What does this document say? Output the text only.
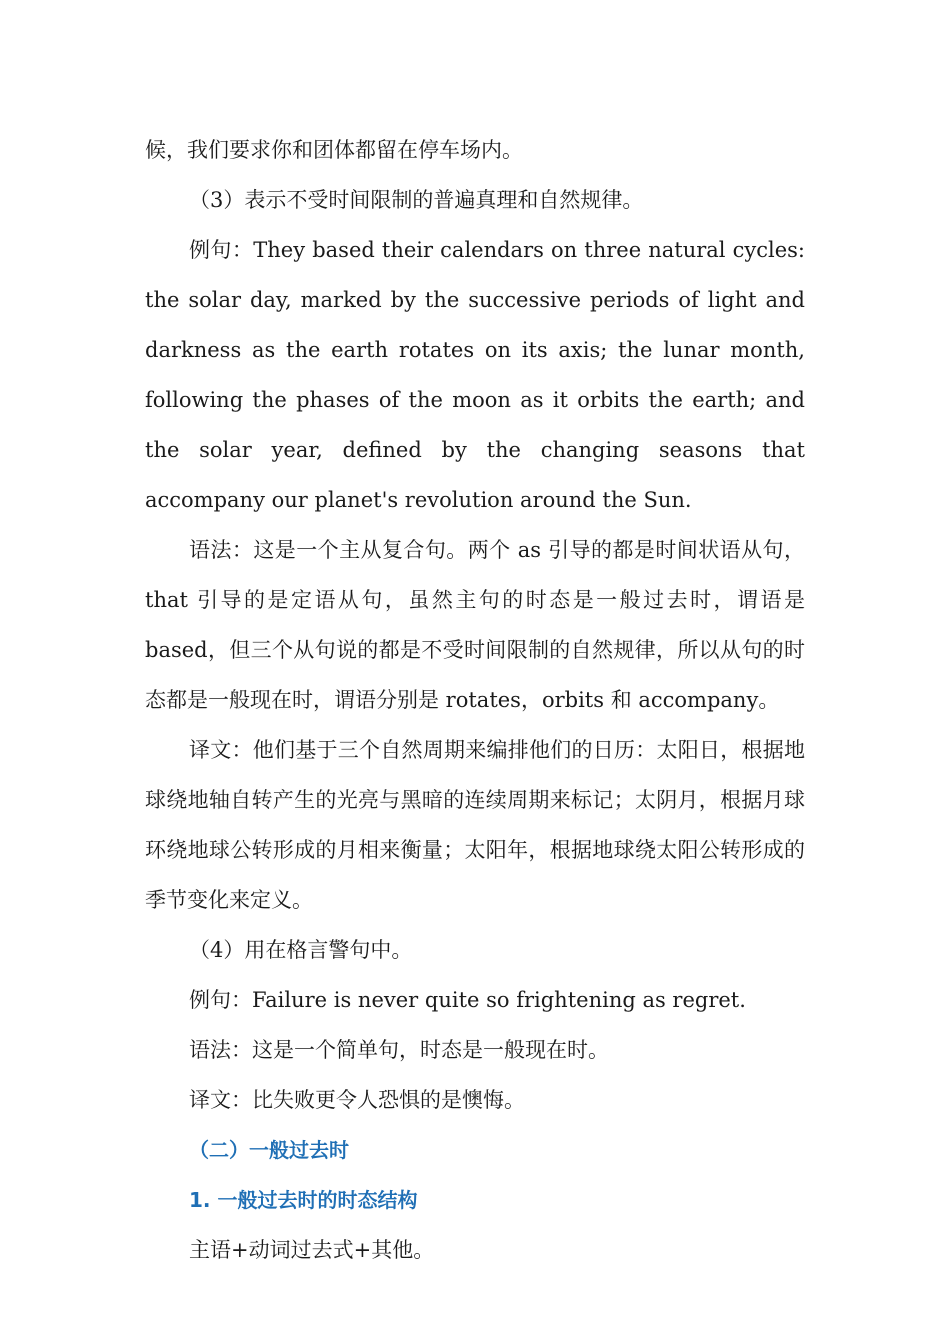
候，我们要求你和团体都留在停车场内。

（3）表示不受时间限制的普遍真理和自然规律。

例句：They based their calendars on three natural cycles: the solar day, marked by the successive periods of light and darkness as the earth rotates on its axis; the lunar month, following the phases of the moon as it orbits the earth; and the solar year, defined by the changing seasons that accompany our planet's revolution around the Sun.

语法：这是一个主从复合句。两个 as 引导的都是时间状语从句，that 引导的是定语从句，虽然主句的时态是一般过去时，谓语是 based，但三个从句说的都是不受时间限制的自然规律，所以从句的时态都是一般现在时，谓语分别是 rotates，orbits 和 accompany。

译文：他们基于三个自然周期来编排他们的日历：太阳日，根据地球绕地轴自转产生的光亮与黑暗的连续周期来标记；太阴月，根据月球环绕地球公转形成的月相来衡量；太阳年，根据地球绕太阳公转形成的季节变化来定义。

（4）用在格言警句中。

例句：Failure is never quite so frightening as regret.

语法：这是一个简单句，时态是一般现在时。

译文：比失败更令人恐惧的是懊悔。

（二）一般过去时

1. 一般过去时的时态结构

主语+动词过去式+其他。
